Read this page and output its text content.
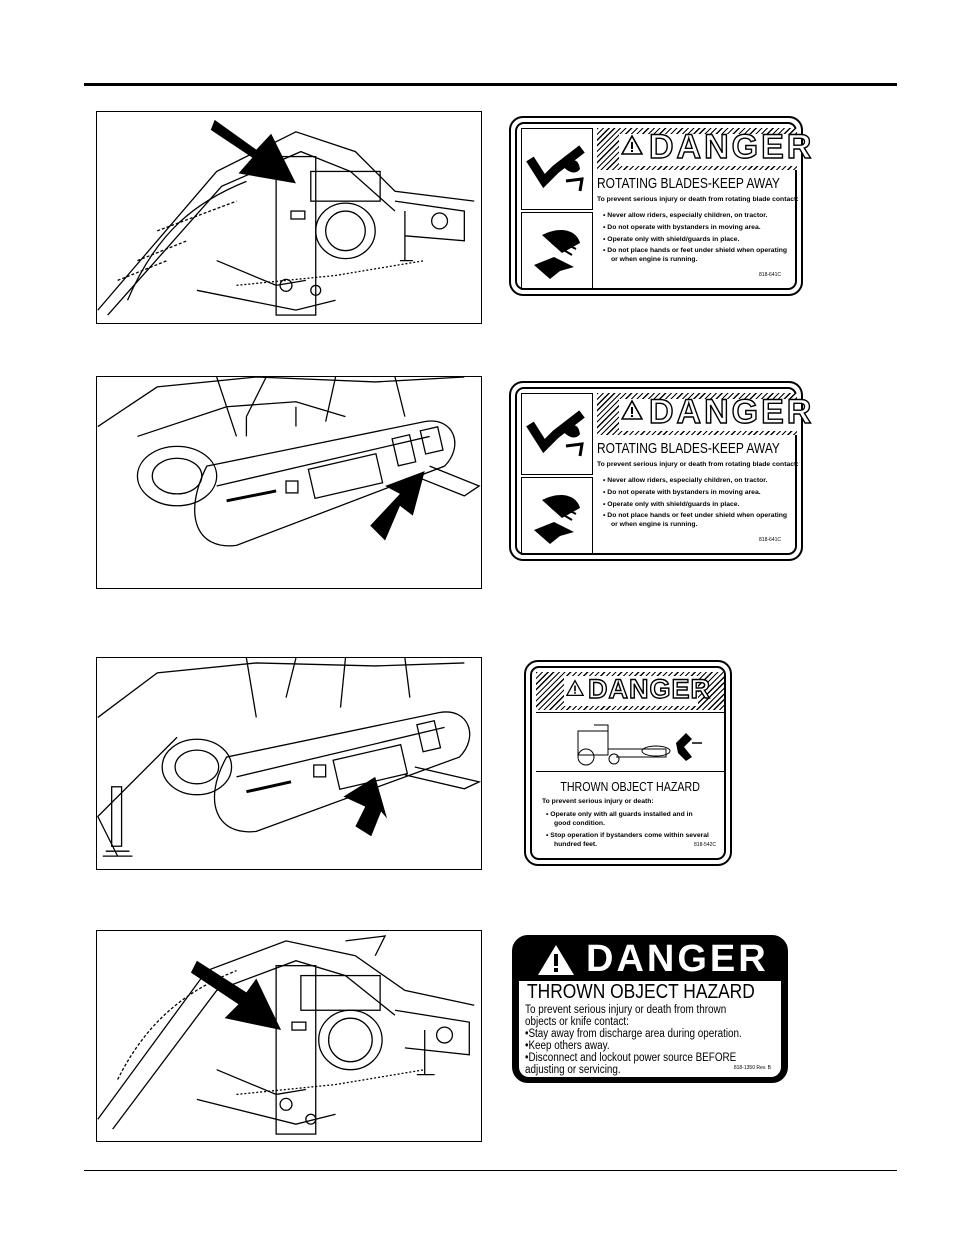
DANGER
ROTATING BLADES-KEEP AWAY
To prevent serious injury or death from rotating blade contact:
• Never allow riders, especially children, on tractor.
• Do not operate with bystanders in moving area.
• Operate only with shield/guards in place.
• Do not place hands or feet under shield when operating
or when engine is running.
818-641C
DANGER
ROTATING BLADES-KEEP AWAY
To prevent serious injury or death from rotating blade contact:
• Never allow riders, especially children, on tractor.
• Do not operate with bystanders in moving area.
• Operate only with shield/guards in place.
• Do not place hands or feet under shield when operating
or when engine is running.
818-641C
DANGER
THROWN OBJECT HAZARD
To prevent serious injury or death:
• Operate only with all guards installed and in
good condition.
• Stop operation if bystanders come within several
hundred feet.	818-542C
DANGER
THROWN OBJECT HAZARD
To prevent serious injury or death from thrown
objects or knife contact:
•Stay away from discharge area during operation.
•Keep others away.
•Disconnect and lockout power source BEFORE
adjusting or servicing.	818-1350 Rev. B
